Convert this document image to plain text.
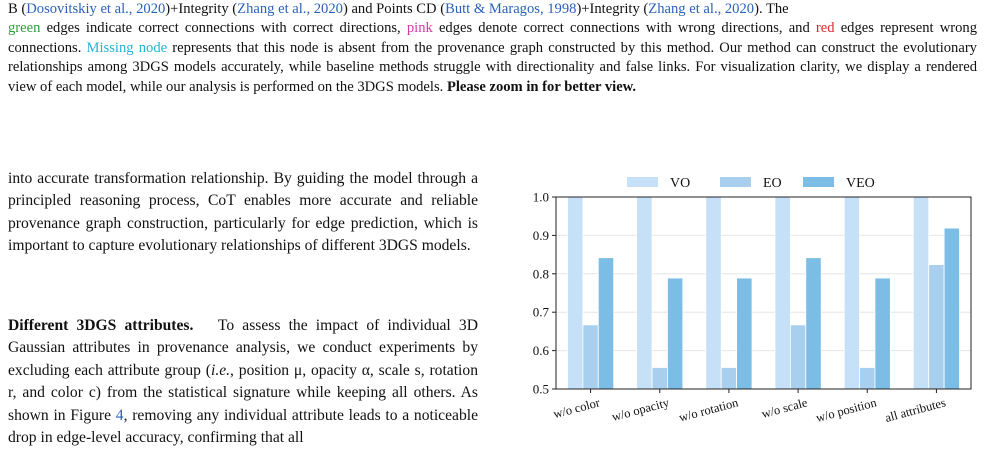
B (Dosovitskiy et al., 2020)+Integrity (Zhang et al., 2020) and Points CD (Butt & Maragos, 1998)+Integrity (Zhang et al., 2020). The
green edges indicate correct connections with correct directions, pink edges denote correct connections with wrong directions, and red edges represent wrong connections. Missing node represents that this node is absent from the provenance graph constructed by this method. Our method can construct the evolutionary relationships among 3DGS models accurately, while baseline methods struggle with directionality and false links. For visualization clarity, we display a rendered view of each model, while our analysis is performed on the 3DGS models. Please zoom in for better view.

into accurate transformation relationship. By guiding the model through a principled reasoning process, CoT enables more accurate and reliable provenance graph construction, particularly for edge prediction, which is important to capture evolutionary relationships of different 3DGS models.

Different 3DGS attributes. To assess the impact of individual 3D Gaussian attributes in provenance analysis, we conduct experiments by excluding each attribute group (i.e., position μ, opacity α, scale s, rotation r, and color c) from the statistical signature while keeping all others. As shown in Figure 4, removing any individual attribute leads to a noticeable drop in edge-level accuracy, confirming that all

0.5
0.6
0.7
0.8
0.9
1.0
w/o color w/o opacity w/o rotation w/o scale w/o position all attributes
VO	EO	VEO
